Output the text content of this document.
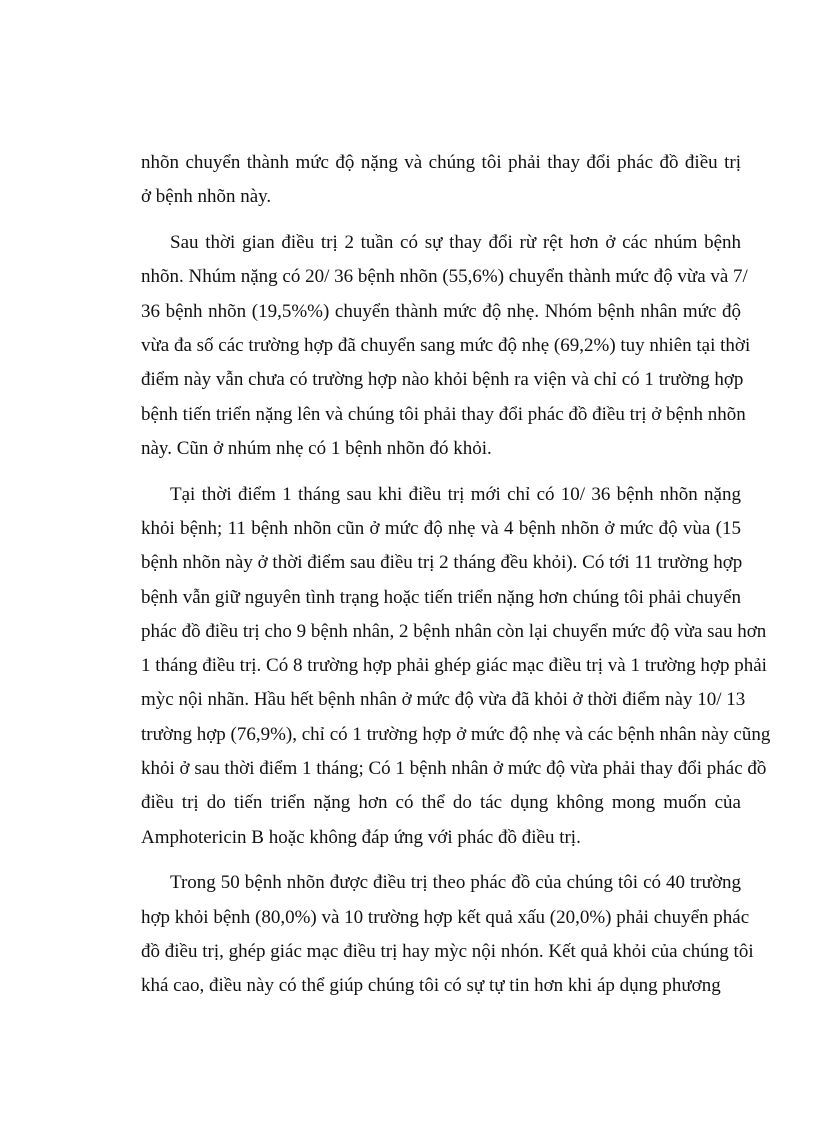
nhõn chuyển thành mức độ nặng và chúng tôi phải thay đổi phác đồ điều trị
ở bệnh nhõn này.
Sau thời gian điều trị 2 tuần có sự thay đổi rừ rệt hơn ở các nhúm bệnh
nhõn. Nhúm nặng có 20/ 36 bệnh nhõn (55,6%) chuyển thành mức độ vừa và 7/
36 bệnh nhõn (19,5%%) chuyển thành mức độ nhẹ. Nhóm bệnh nhân mức độ
vừa đa số các trường hợp đã chuyển sang mức độ nhẹ (69,2%) tuy nhiên tại thời
điểm này vẫn chưa có trường hợp nào khỏi bệnh ra viện và chỉ có 1 trường hợp
bệnh tiến triển nặng lên và chúng tôi phải thay đổi phác đồ điều trị ở bệnh nhõn
này. Cũn ở nhúm nhẹ có 1 bệnh nhõn đó khỏi.
Tại thời điểm 1 tháng sau khi điều trị mới chỉ có 10/ 36 bệnh nhõn nặng
khỏi bệnh; 11 bệnh nhõn cũn ở mức độ nhẹ và 4 bệnh nhõn ở mức độ vùa (15
bệnh nhõn này ở thời điểm sau điều trị 2 tháng đều khỏi). Có tới 11 trường hợp
bệnh vẫn giữ nguyên tình trạng hoặc tiến triển nặng hơn chúng tôi phải chuyển
phác đồ điều trị cho 9 bệnh nhân, 2 bệnh nhân còn lại chuyển mức độ vừa sau hơn
1 tháng điều trị. Có 8 trường hợp phải ghép giác mạc điều trị và 1 trường hợp phải
mỳc nội nhãn. Hầu hết bệnh nhân ở mức độ vừa đã khỏi ở thời điểm này 10/ 13
trường hợp (76,9%), chỉ có 1 trường hợp ở mức độ nhẹ và các bệnh nhân này cũng
khỏi ở sau thời điểm 1 tháng; Có 1 bệnh nhân ở mức độ vừa phải thay đổi phác đồ
điều trị do tiến triển nặng hơn có thể do tác dụng không mong muốn của
Amphotericin B hoặc không đáp ứng với phác đồ điều trị.
Trong 50 bệnh nhõn được điều trị theo phác đồ của chúng tôi có 40 trường
hợp khỏi bệnh (80,0%) và 10 trường hợp kết quả xấu (20,0%) phải chuyển phác
đồ điều trị, ghép giác mạc điều trị hay mỳc nội nhón. Kết quả khỏi của chúng tôi
khá cao, điều này có thể giúp chúng tôi có sự tự tin hơn khi áp dụng phương
